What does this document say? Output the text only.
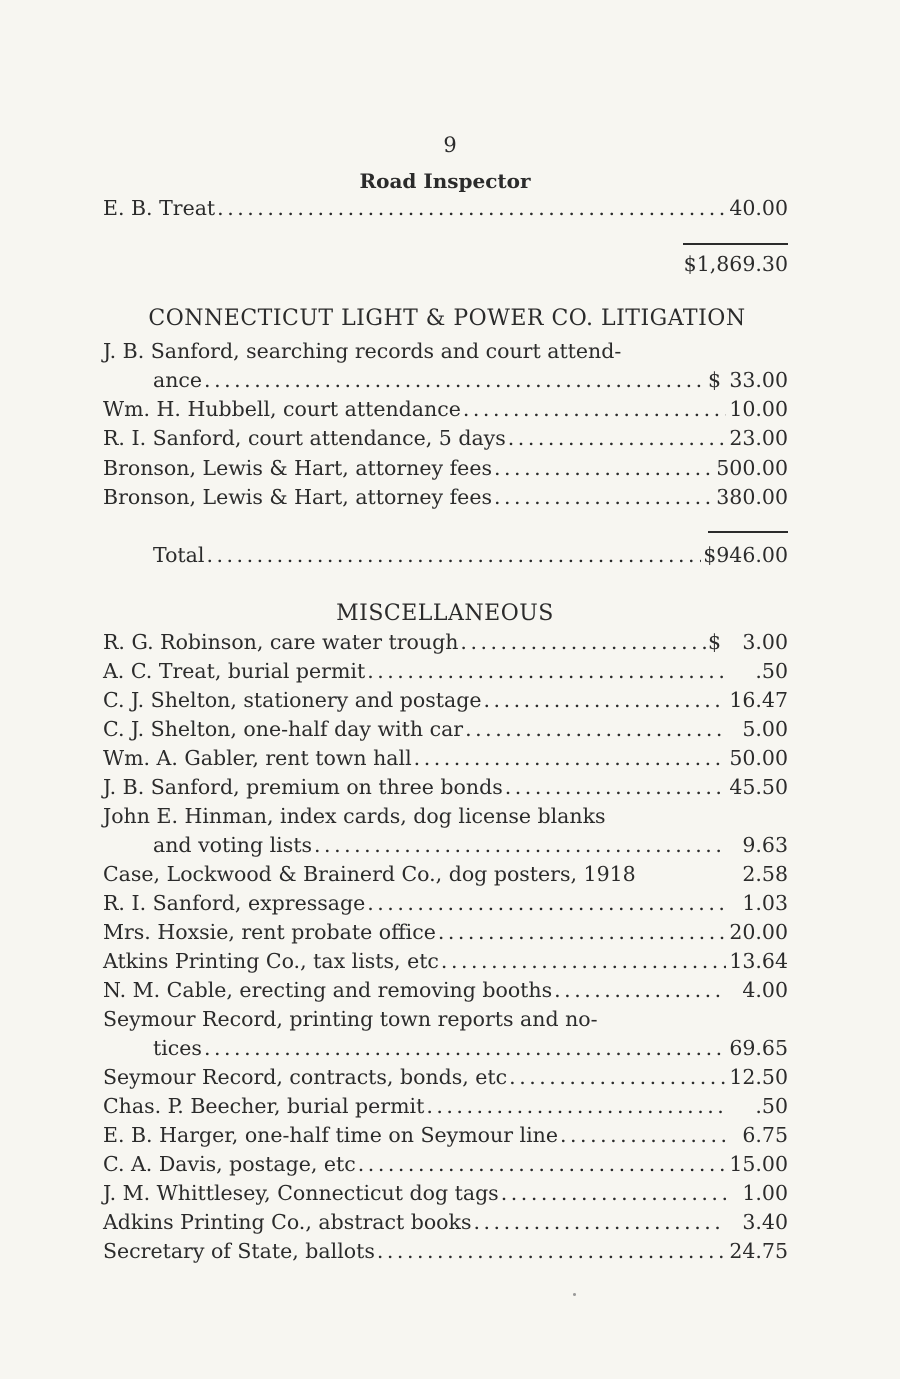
9
Road Inspector
E. B. Treat . . .	40.00
$1,869.30
CONNECTICUT LIGHT & POWER CO. LITIGATION
J. B. Sanford, searching records and court attend-
ance . . .	$ 33.00
Wm. H. Hubbell, court attendance . . .	10.00
R. I. Sanford, court attendance, 5 days . . .	23.00
Bronson, Lewis & Hart, attorney fees . . .	500.00
Bronson, Lewis & Hart, attorney fees . . .	380.00
Total . . .	$946.00
MISCELLANEOUS
R. G. Robinson, care water trough . . .	$	3.00
A. C. Treat, burial permit . . .	.50
C. J. Shelton, stationery and postage . . .	16.47
C. J. Shelton, one-half day with car . . .	5.00
Wm. A. Gabler, rent town hall . . .	50.00
J. B. Sanford, premium on three bonds . . .	45.50
John E. Hinman, index cards, dog license blanks
and voting lists . . .	9.63
Case, Lockwood & Brainerd Co., dog posters, 1918	2.58
R. I. Sanford, expressage . . .	1.03
Mrs. Hoxsie, rent probate office . . .	20.00
Atkins Printing Co., tax lists, etc . . .	13.64
N. M. Cable, erecting and removing booths . . .	4.00
Seymour Record, printing town reports and no-
tices . . .	69.65
Seymour Record, contracts, bonds, etc . . .	12.50
Chas. P. Beecher, burial permit . . .	.50
E. B. Harger, one-half time on Seymour line . . .	6.75
C. A. Davis, postage, etc . . .	15.00
J. M. Whittlesey, Connecticut dog tags . . .	1.00
Adkins Printing Co., abstract books . . .	3.40
Secretary of State, ballots . . .	24.75
